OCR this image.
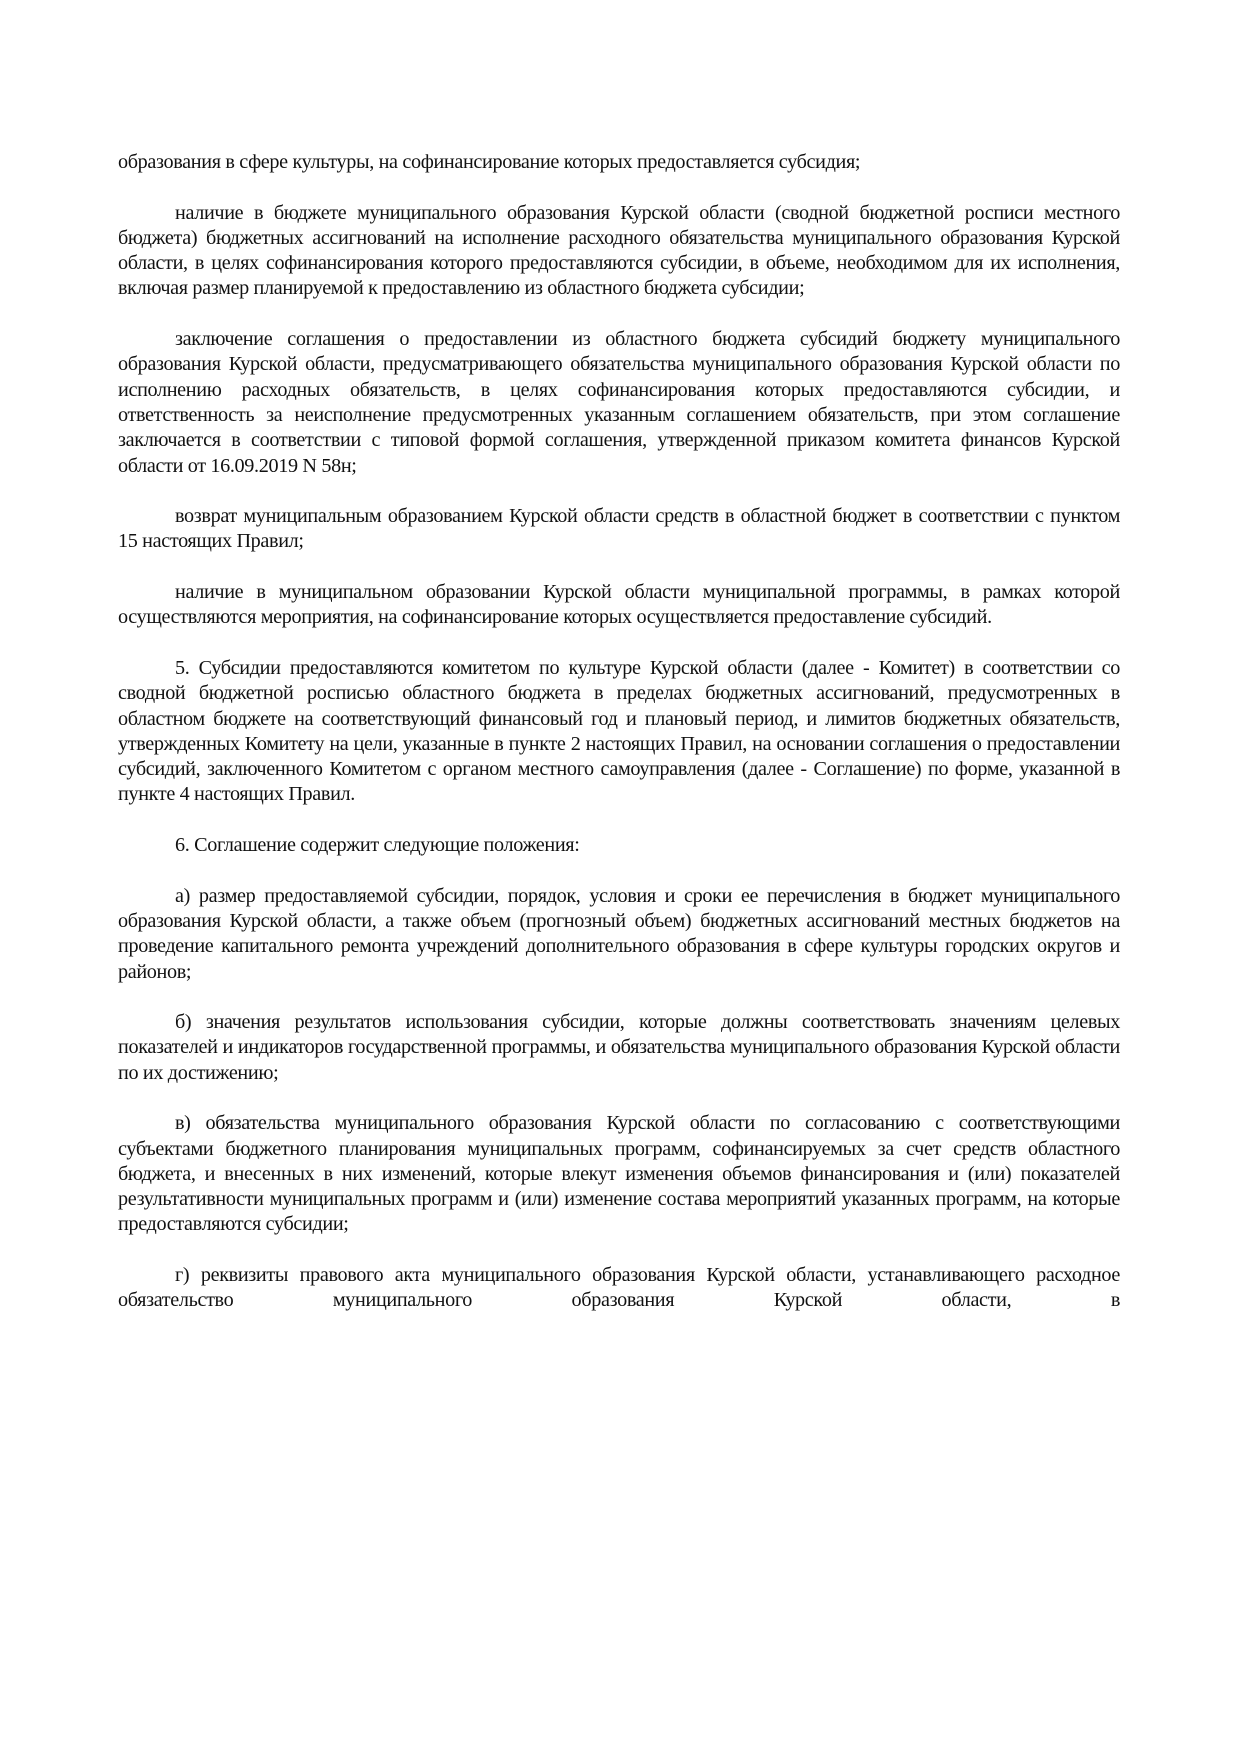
образования в сфере культуры, на софинансирование которых предоставляется субсидия;

наличие в бюджете муниципального образования Курской области (сводной бюджетной росписи местного бюджета) бюджетных ассигнований на исполнение расходного обязательства муниципального образования Курской области, в целях софинансирования которого предоставляются субсидии, в объеме, необходимом для их исполнения, включая размер планируемой к предоставлению из областного бюджета субсидии;

заключение соглашения о предоставлении из областного бюджета субсидий бюджету муниципального образования Курской области, предусматривающего обязательства муниципального образования Курской области по исполнению расходных обязательств, в целях софинансирования которых предоставляются субсидии, и ответственность за неисполнение предусмотренных указанным соглашением обязательств, при этом соглашение заключается в соответствии с типовой формой соглашения, утвержденной приказом комитета финансов Курской области от 16.09.2019 N 58н;

возврат муниципальным образованием Курской области средств в областной бюджет в соответствии с пунктом 15 настоящих Правил;

наличие в муниципальном образовании Курской области муниципальной программы, в рамках которой осуществляются мероприятия, на софинансирование которых осуществляется предоставление субсидий.

5. Субсидии предоставляются комитетом по культуре Курской области (далее - Комитет) в соответствии со сводной бюджетной росписью областного бюджета в пределах бюджетных ассигнований, предусмотренных в областном бюджете на соответствующий финансовый год и плановый период, и лимитов бюджетных обязательств, утвержденных Комитету на цели, указанные в пункте 2 настоящих Правил, на основании соглашения о предоставлении субсидий, заключенного Комитетом с органом местного самоуправления (далее - Соглашение) по форме, указанной в пункте 4 настоящих Правил.

6. Соглашение содержит следующие положения:

а) размер предоставляемой субсидии, порядок, условия и сроки ее перечисления в бюджет муниципального образования Курской области, а также объем (прогнозный объем) бюджетных ассигнований местных бюджетов на проведение капитального ремонта учреждений дополнительного образования в сфере культуры городских округов и районов;

б) значения результатов использования субсидии, которые должны соответствовать значениям целевых показателей и индикаторов государственной программы, и обязательства муниципального образования Курской области по их достижению;

в) обязательства муниципального образования Курской области по согласованию с соответствующими субъектами бюджетного планирования муниципальных программ, софинансируемых за счет средств областного бюджета, и внесенных в них изменений, которые влекут изменения объемов финансирования и (или) показателей результативности муниципальных программ и (или) изменение состава мероприятий указанных программ, на которые предоставляются субсидии;

г) реквизиты правового акта муниципального образования Курской области, устанавливающего расходное обязательство муниципального образования Курской области, в
